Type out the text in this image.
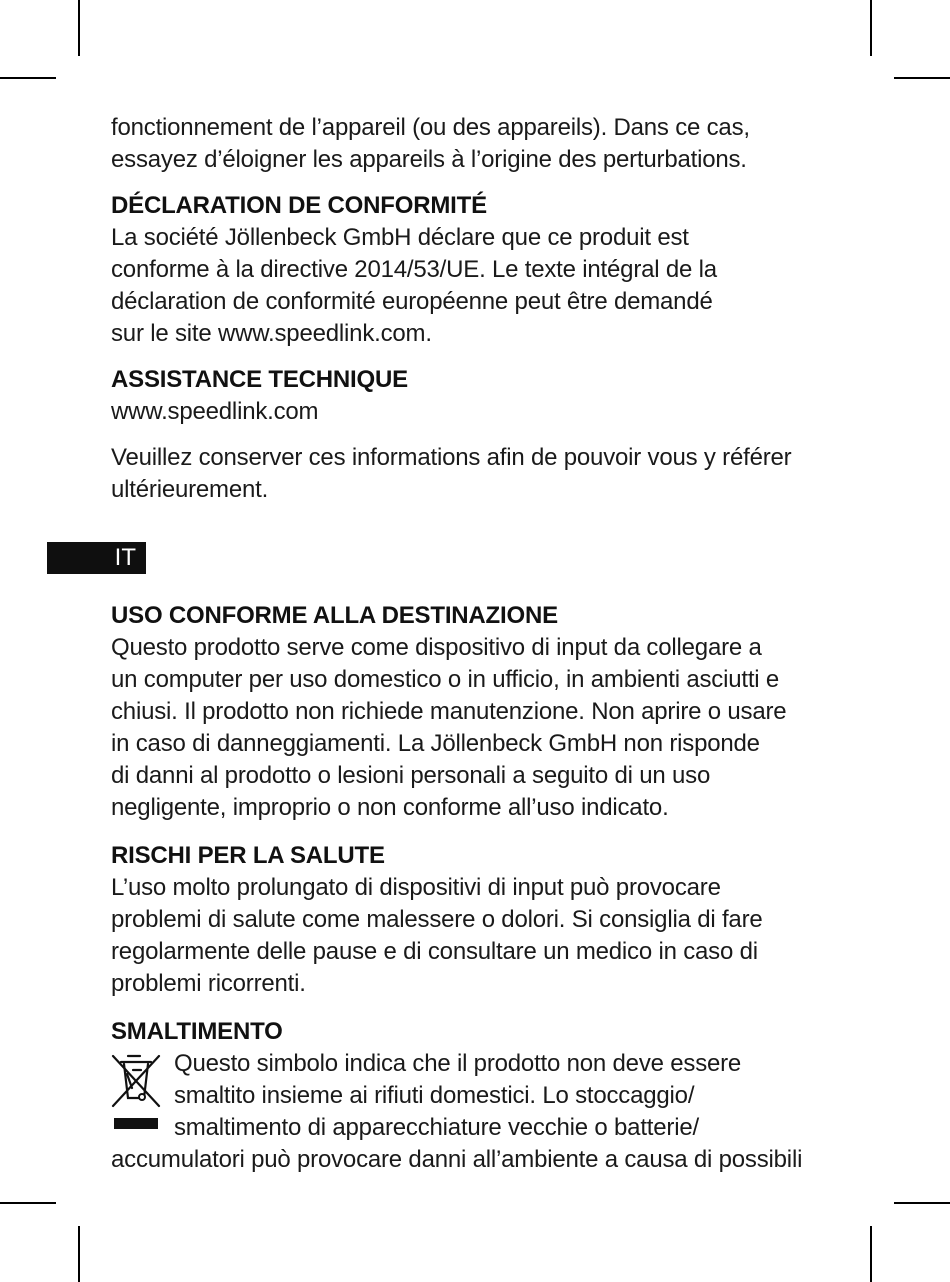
IT

fonctionnement de l’appareil (ou des appareils). Dans ce cas,
essayez d’éloigner les appareils à l’origine des perturbations.

DÉCLARATION DE CONFORMITÉ

La société Jöllenbeck GmbH déclare que ce produit est
conforme à la directive 2014/53/UE. Le texte intégral de la
déclaration de conformité européenne peut être demandé
sur le site www.speedlink.com.

ASSISTANCE TECHNIQUE

www.speedlink.com

Veuillez conserver ces informations afin de pouvoir vous y référer
ultérieurement.

USO CONFORME ALLA DESTINAZIONE

Questo prodotto serve come dispositivo di input da collegare a
un computer per uso domestico o in ufficio, in ambienti asciutti e
chiusi. Il prodotto non richiede manutenzione. Non aprire o usare
in caso di danneggiamenti. La Jöllenbeck GmbH non risponde
di danni al prodotto o lesioni personali a seguito di un uso
negligente, improprio o non conforme all’uso indicato.

RISCHI PER LA SALUTE

L’uso molto prolungato di dispositivi di input può provocare
problemi di salute come malessere o dolori. Si consiglia di fare
regolarmente delle pause e di consultare un medico in caso di
problemi ricorrenti.

SMALTIMENTO

Questo simbolo indica che il prodotto non deve essere
smaltito insieme ai rifiuti domestici. Lo stoccaggio/
smaltimento di apparecchiature vecchie o batterie/

accumulatori può provocare danni all’ambiente a causa di possibili
